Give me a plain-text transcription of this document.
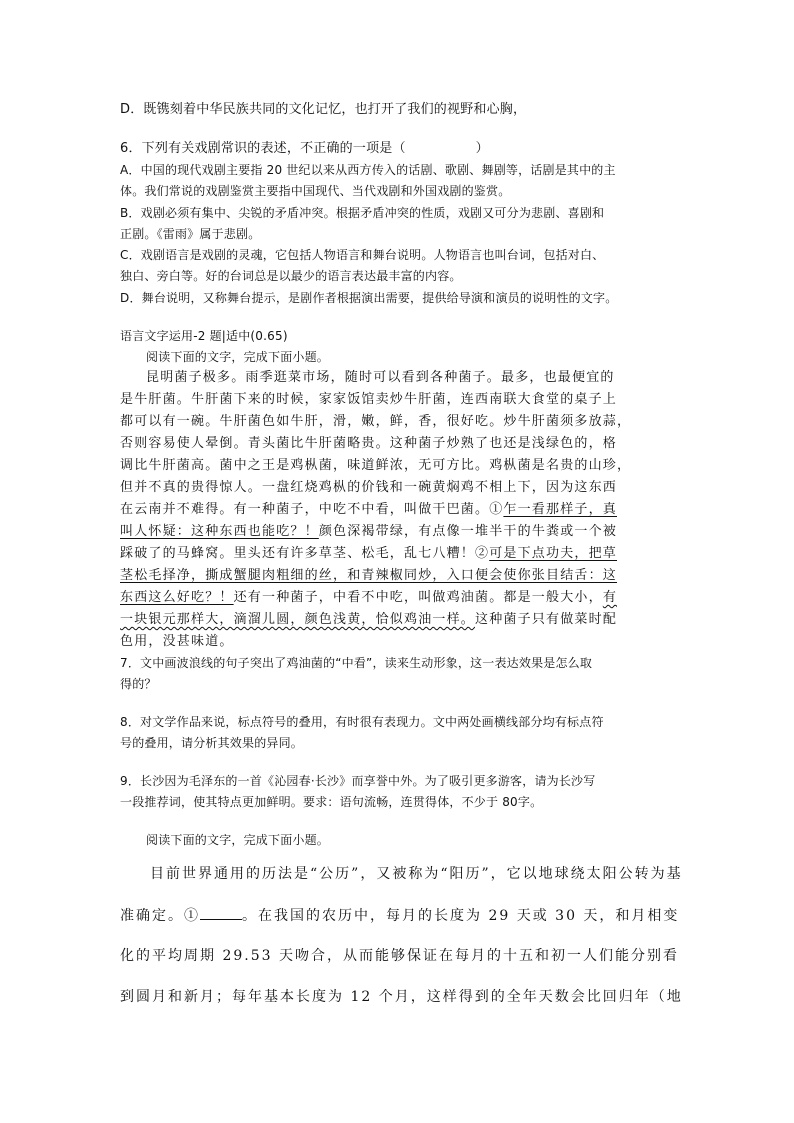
D．既镌刻着中华民族共同的文化记忆，也打开了我们的视野和心胸，
6．下列有关戏剧常识的表述，不正确的一项是（	）
A．中国的现代戏剧主要指 20 世纪以来从西方传入的话剧、歌剧、舞剧等，话剧是其中的主
体。我们常说的戏剧鉴赏主要指中国现代、当代戏剧和外国戏剧的鉴赏。
B．戏剧必须有集中、尖锐的矛盾冲突。根据矛盾冲突的性质，戏剧又可分为悲剧、喜剧和
正剧。《雷雨》属于悲剧。
C．戏剧语言是戏剧的灵魂，它包括人物语言和舞台说明。人物语言也叫台词，包括对白、
独白、旁白等。好的台词总是以最少的语言表达最丰富的内容。
D．舞台说明，又称舞台提示，是剧作者根据演出需要，提供给导演和演员的说明性的文字。
语言文字运用-2 题|适中(0.65)
阅读下面的文字，完成下面小题。
昆明菌子极多。雨季逛菜市场，随时可以看到各种菌子。最多，也最便宜的
是牛肝菌。牛肝菌下来的时候，家家饭馆卖炒牛肝菌，连西南联大食堂的桌子上
都可以有一碗。牛肝菌色如牛肝，滑，嫩，鲜，香，很好吃。炒牛肝菌须多放蒜，
否则容易使人晕倒。青头菌比牛肝菌略贵。这种菌子炒熟了也还是浅绿色的，格
调比牛肝菌高。菌中之王是鸡枞菌，味道鲜浓，无可方比。鸡枞菌是名贵的山珍，
但并不真的贵得惊人。一盘红烧鸡枞的价钱和一碗黄焖鸡不相上下，因为这东西
在云南并不难得。有一种菌子，中吃不中看，叫做干巴菌。①乍一看那样子，真
叫人怀疑：这种东西也能吃？！颜色深褐带绿，有点像一堆半干的牛粪或一个被
踩破了的马蜂窝。里头还有许多草茎、松毛，乱七八糟！②可是下点功夫，把草
茎松毛择净，撕成蟹腿肉粗细的丝，和青辣椒同炒，入口便会使你张目结舌：这
东西这么好吃？！还有一种菌子，中看不中吃，叫做鸡油菌。都是一般大小，有
一块银元那样大，滴溜儿圆，颜色浅黄，恰似鸡油一样。这种菌子只有做菜时配
色用，没甚味道。
7．文中画波浪线的句子突出了鸡油菌的“中看”，读来生动形象，这一表达效果是怎么取
得的？
8．对文学作品来说，标点符号的叠用，有时很有表现力。文中两处画横线部分均有标点符
号的叠用，请分析其效果的异同。
9．长沙因为毛泽东的一首《沁园春·长沙》而享誉中外。为了吸引更多游客，请为长沙写
一段推荐词，使其特点更加鲜明。要求：语句流畅，连贯得体，不少于 80字。
阅读下面的文字，完成下面小题。
目前世界通用的历法是“公历”，又被称为“阳历”，它以地球绕太阳公转为基
准确定。①	。在我国的农历中，每月的长度为 29 天或 30 天，和月相变
化的平均周期 29.53 天吻合，从而能够保证在每月的十五和初一人们能分别看
到圆月和新月；每年基本长度为 12 个月，这样得到的全年天数会比回归年（地
